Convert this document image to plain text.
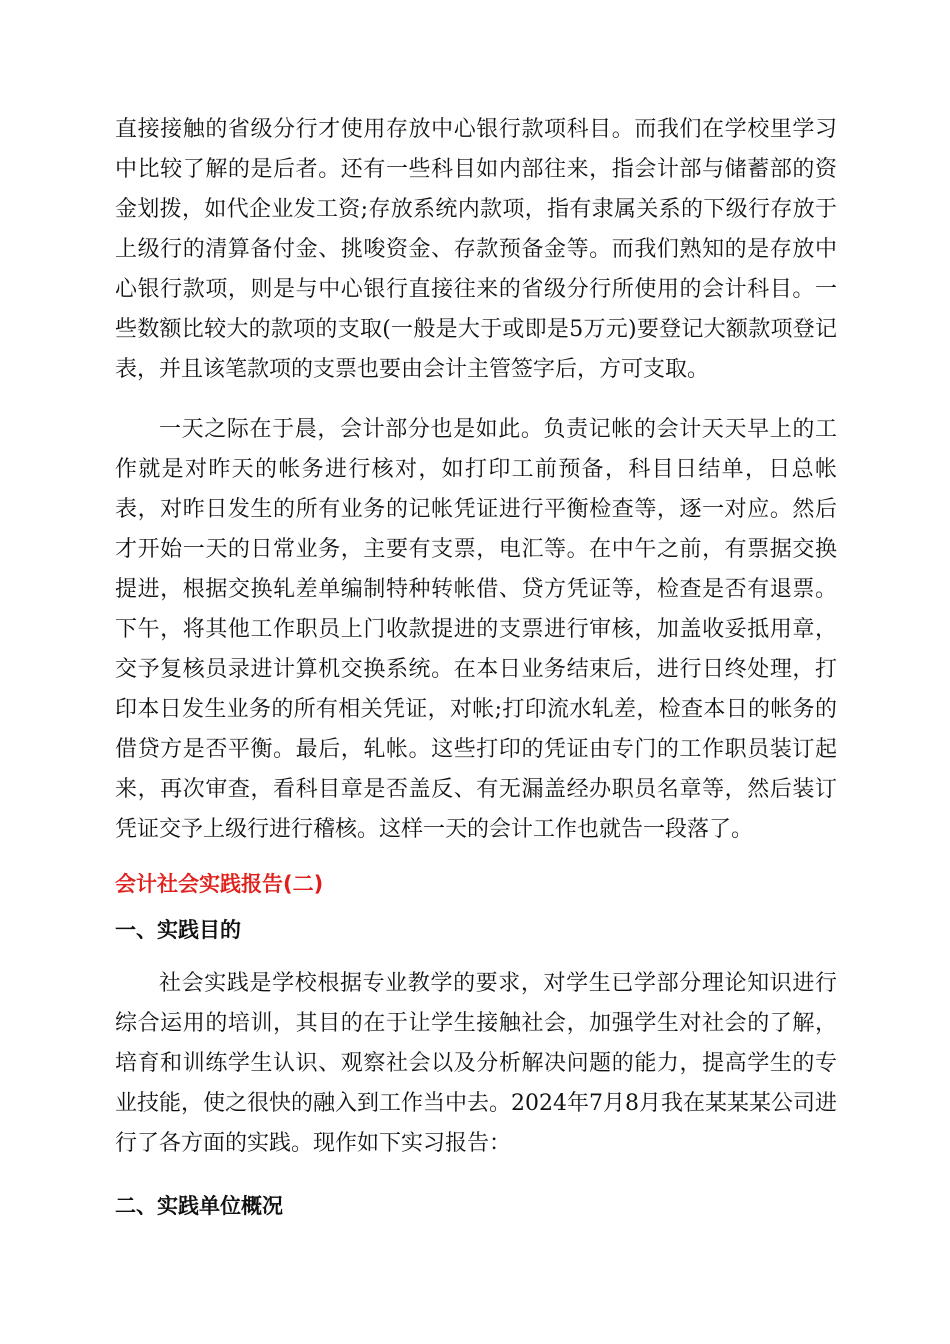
直接接触的省级分行才使用存放中心银行款项科目。而我们在学校里学习中比较了解的是后者。还有一些科目如内部往来，指会计部与储蓄部的资金划拨，如代企业发工资;存放系统内款项，指有隶属关系的下级行存放于上级行的清算备付金、挑唆资金、存款预备金等。而我们熟知的是存放中心银行款项，则是与中心银行直接往来的省级分行所使用的会计科目。一些数额比较大的款项的支取(一般是大于或即是5万元)要登记大额款项登记表，并且该笔款项的支票也要由会计主管签字后，方可支取。

一天之际在于晨，会计部分也是如此。负责记帐的会计天天早上的工作就是对昨天的帐务进行核对，如打印工前预备，科目日结单，日总帐表，对昨日发生的所有业务的记帐凭证进行平衡检查等，逐一对应。然后才开始一天的日常业务，主要有支票，电汇等。在中午之前，有票据交换提进，根据交换轧差单编制特种转帐借、贷方凭证等，检查是否有退票。下午，将其他工作职员上门收款提进的支票进行审核，加盖收妥抵用章，交予复核员录进计算机交换系统。在本日业务结束后，进行日终处理，打印本日发生业务的所有相关凭证，对帐;打印流水轧差，检查本日的帐务的借贷方是否平衡。最后，轧帐。这些打印的凭证由专门的工作职员装订起来，再次审查，看科目章是否盖反、有无漏盖经办职员名章等，然后装订凭证交予上级行进行稽核。这样一天的会计工作也就告一段落了。

会计社会实践报告(二)

一、实践目的

社会实践是学校根据专业教学的要求，对学生已学部分理论知识进行综合运用的培训，其目的在于让学生接触社会，加强学生对社会的了解，培育和训练学生认识、观察社会以及分析解决问题的能力，提高学生的专业技能，使之很快的融入到工作当中去。2024年7月8月我在某某某公司进行了各方面的实践。现作如下实习报告：

二、实践单位概况
